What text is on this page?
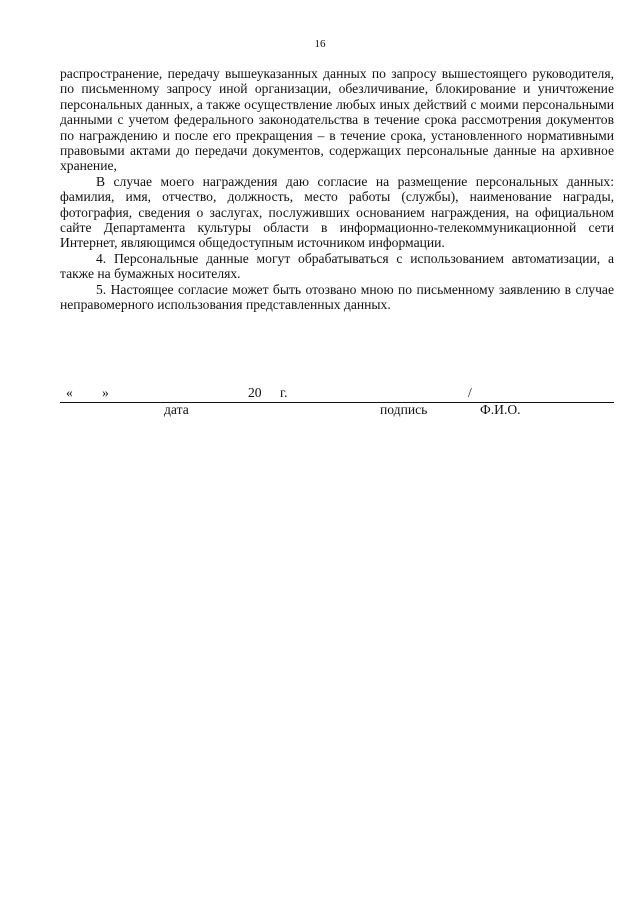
16

распространение, передачу вышеуказанных данных по запросу вышестоящего руководителя, по письменному запросу иной организации, обезличивание, блокирование и уничтожение персональных данных, а также осуществление любых иных действий с моими персональными данными с учетом федерального законодательства в течение срока рассмотрения документов по награждению и после его прекращения – в течение срока, установленного нормативными правовыми актами до передачи документов, содержащих персональные данные на архивное хранение,

В случае моего награждения даю согласие на размещение персональных данных: фамилия, имя, отчество, должность, место работы (службы), наименование награды, фотография, сведения о заслугах, послуживших основанием награждения, на официальном сайте Департамента культуры области в информационно-телекоммуникационной сети Интернет, являющимся общедоступным источником информации.

4. Персональные данные могут обрабатываться с использованием автоматизации, а также на бумажных носителях.

5. Настоящее согласие может быть отозвано мною по письменному заявлению в случае неправомерного использования представленных данных.

« »	20 г.	/
дата	подпись	Ф.И.О.
